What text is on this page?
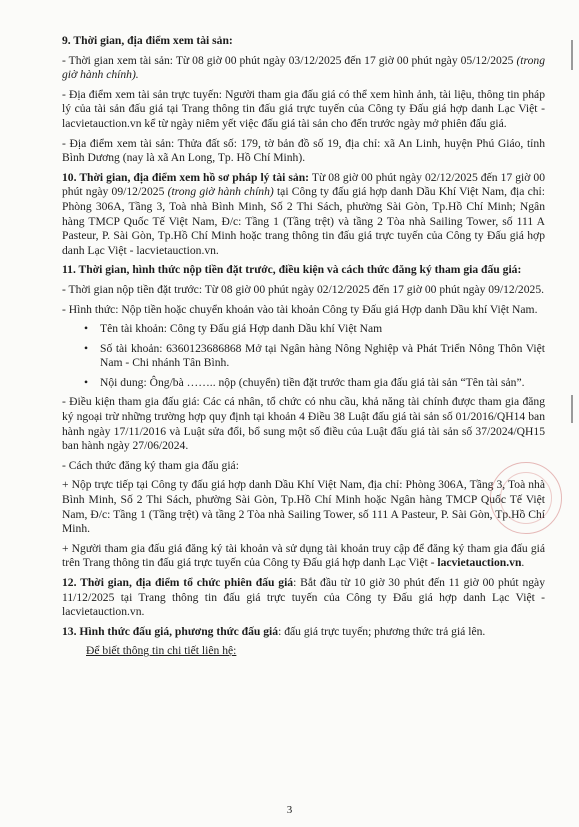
9. Thời gian, địa điểm xem tài sản:

- Thời gian xem tài sản: Từ 08 giờ 00 phút ngày 03/12/2025 đến 17 giờ 00 phút ngày 05/12/2025 (trong giờ hành chính).

- Địa điểm xem tài sản trực tuyến: Người tham gia đấu giá có thể xem hình ảnh, tài liệu, thông tin pháp lý của tài sản đấu giá tại Trang thông tin đấu giá trực tuyến của Công ty Đấu giá hợp danh Lạc Việt - lacvietauction.vn kể từ ngày niêm yết việc đấu giá tài sản cho đến trước ngày mở phiên đấu giá.

- Địa điểm xem tài sản: Thửa đất số: 179, tờ bản đồ số 19, địa chỉ: xã An Linh, huyện Phú Giáo, tỉnh Bình Dương (nay là xã An Long, Tp. Hồ Chí Minh).

10. Thời gian, địa điểm xem hồ sơ pháp lý tài sản: Từ 08 giờ 00 phút ngày 02/12/2025 đến 17 giờ 00 phút ngày 09/12/2025 (trong giờ hành chính) tại Công ty đấu giá hợp danh Dầu Khí Việt Nam, địa chỉ: Phòng 306A, Tầng 3, Toà nhà Bình Minh, Số 2 Thi Sách, phường Sài Gòn, Tp.Hồ Chí Minh; Ngân hàng TMCP Quốc Tế Việt Nam, Đ/c: Tầng 1 (Tầng trệt) và tầng 2 Tòa nhà Sailing Tower, số 111 A Pasteur, P. Sài Gòn, Tp.Hồ Chí Minh hoặc trang thông tin đấu giá trực tuyến của Công ty Đấu giá hợp danh Lạc Việt - lacvietauction.vn.

11. Thời gian, hình thức nộp tiền đặt trước, điều kiện và cách thức đăng ký tham gia đấu giá:

- Thời gian nộp tiền đặt trước: Từ 08 giờ 00 phút ngày 02/12/2025 đến 17 giờ 00 phút ngày 09/12/2025.

- Hình thức: Nộp tiền hoặc chuyển khoản vào tài khoản Công ty Đấu giá Hợp danh Dầu khí Việt Nam.

• Tên tài khoản: Công ty Đấu giá Hợp danh Dầu khí Việt Nam

• Số tài khoản: 6360123686868 Mở tại Ngân hàng Nông Nghiệp và Phát Triển Nông Thôn Việt Nam - Chi nhánh Tân Bình.

• Nội dung: Ông/bà …….. nộp (chuyển) tiền đặt trước tham gia đấu giá tài sản “Tên tài sản”.

- Điều kiện tham gia đấu giá: Các cá nhân, tổ chức có nhu cầu, khả năng tài chính được tham gia đăng ký ngoại trừ những trường hợp quy định tại khoản 4 Điều 38 Luật đấu giá tài sản số 01/2016/QH14 ban hành ngày 17/11/2016 và Luật sửa đổi, bổ sung một số điều của Luật đấu giá tài sản số 37/2024/QH15 ban hành ngày 27/06/2024.

- Cách thức đăng ký tham gia đấu giá:

+ Nộp trực tiếp tại Công ty đấu giá hợp danh Dầu Khí Việt Nam, địa chỉ: Phòng 306A, Tầng 3, Toà nhà Bình Minh, Số 2 Thi Sách, phường Sài Gòn, Tp.Hồ Chí Minh hoặc Ngân hàng TMCP Quốc Tế Việt Nam, Đ/c: Tầng 1 (Tầng trệt) và tầng 2 Tòa nhà Sailing Tower, số 111 A Pasteur, P. Sài Gòn, Tp.Hồ Chí Minh.

+ Người tham gia đấu giá đăng ký tài khoản và sử dụng tài khoản truy cập để đăng ký tham gia đấu giá trên Trang thông tin đấu giá trực tuyến của Công ty Đấu giá hợp danh Lạc Việt - lacvietauction.vn.

12. Thời gian, địa điểm tổ chức phiên đấu giá: Bắt đầu từ 10 giờ 30 phút đến 11 giờ 00 phút ngày 11/12/2025 tại Trang thông tin đấu giá trực tuyến của Công ty Đấu giá hợp danh Lạc Việt - lacvietauction.vn.

13. Hình thức đấu giá, phương thức đấu giá: đấu giá trực tuyến; phương thức trả giá lên.

Để biết thông tin chi tiết liên hệ:

3
